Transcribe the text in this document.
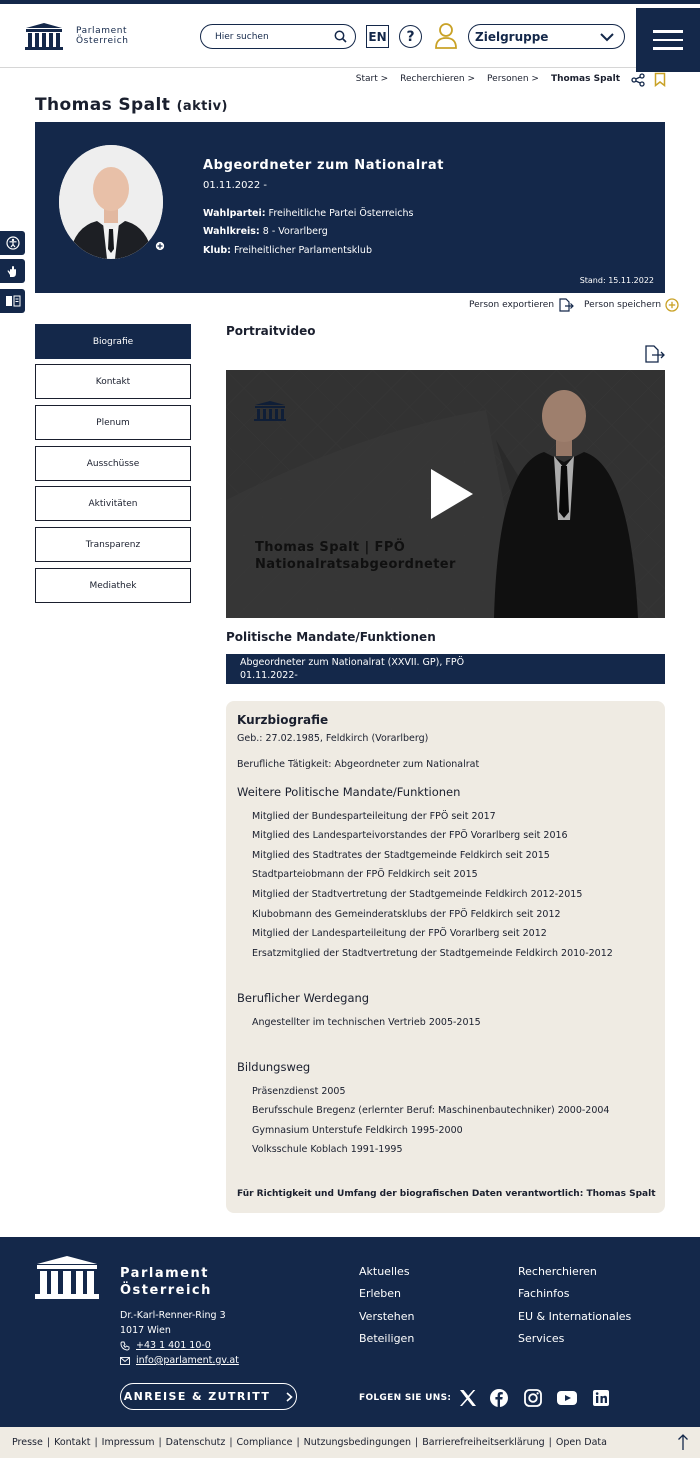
Parlament
Österreich
Hier suchen	EN	?	Zielgruppe
Start > Recherchieren > Personen > Thomas Spalt
Thomas Spalt (aktiv)
Abgeordneter zum Nationalrat
01.11.2022 -
Wahlpartei: Freiheitliche Partei Österreichs
Wahlkreis: 8 - Vorarlberg
Klub: Freiheitlicher Parlamentsklub
Stand: 15.11.2022
Person exportieren	Person speichern
Biografie
Kontakt
Plenum
Ausschüsse
Aktivitäten
Transparenz
Mediathek
Portraitvideo
Thomas Spalt | FPÖ
Nationalratsabgeordneter
Politische Mandate/Funktionen
Abgeordneter zum Nationalrat (XXVII. GP), FPÖ
01.11.2022-
Kurzbiografie
Geb.: 27.02.1985, Feldkirch (Vorarlberg)
Berufliche Tätigkeit: Abgeordneter zum Nationalrat
Weitere Politische Mandate/Funktionen
Mitglied der Bundesparteileitung der FPÖ seit 2017
Mitglied des Landesparteivorstandes der FPÖ Vorarlberg seit 2016
Mitglied des Stadtrates der Stadtgemeinde Feldkirch seit 2015
Stadtparteiobmann der FPÖ Feldkirch seit 2015
Mitglied der Stadtvertretung der Stadtgemeinde Feldkirch 2012-2015
Klubobmann des Gemeinderatsklubs der FPÖ Feldkirch seit 2012
Mitglied der Landesparteileitung der FPÖ Vorarlberg seit 2012
Ersatzmitglied der Stadtvertretung der Stadtgemeinde Feldkirch 2010-2012
Beruflicher Werdegang
Angestellter im technischen Vertrieb 2005-2015
Bildungsweg
Präsenzdienst 2005
Berufsschule Bregenz (erlernter Beruf: Maschinenbautechniker) 2000-2004
Gymnasium Unterstufe Feldkirch 1995-2000
Volksschule Koblach 1991-1995
Für Richtigkeit und Umfang der biografischen Daten verantwortlich: Thomas Spalt
Parlament
Österreich
Dr.-Karl-Renner-Ring 3
1017 Wien
+43 1 401 10-0
info@parlament.gv.at
Aktuelles
Erleben
Verstehen
Beteiligen
Recherchieren
Fachinfos
EU & Internationales
Services
ANREISE & ZUTRITT	FOLGEN SIE UNS:
Presse | Kontakt | Impressum | Datenschutz | Compliance | Nutzungsbedingungen | Barrierefreiheitserklärung | Open Data
